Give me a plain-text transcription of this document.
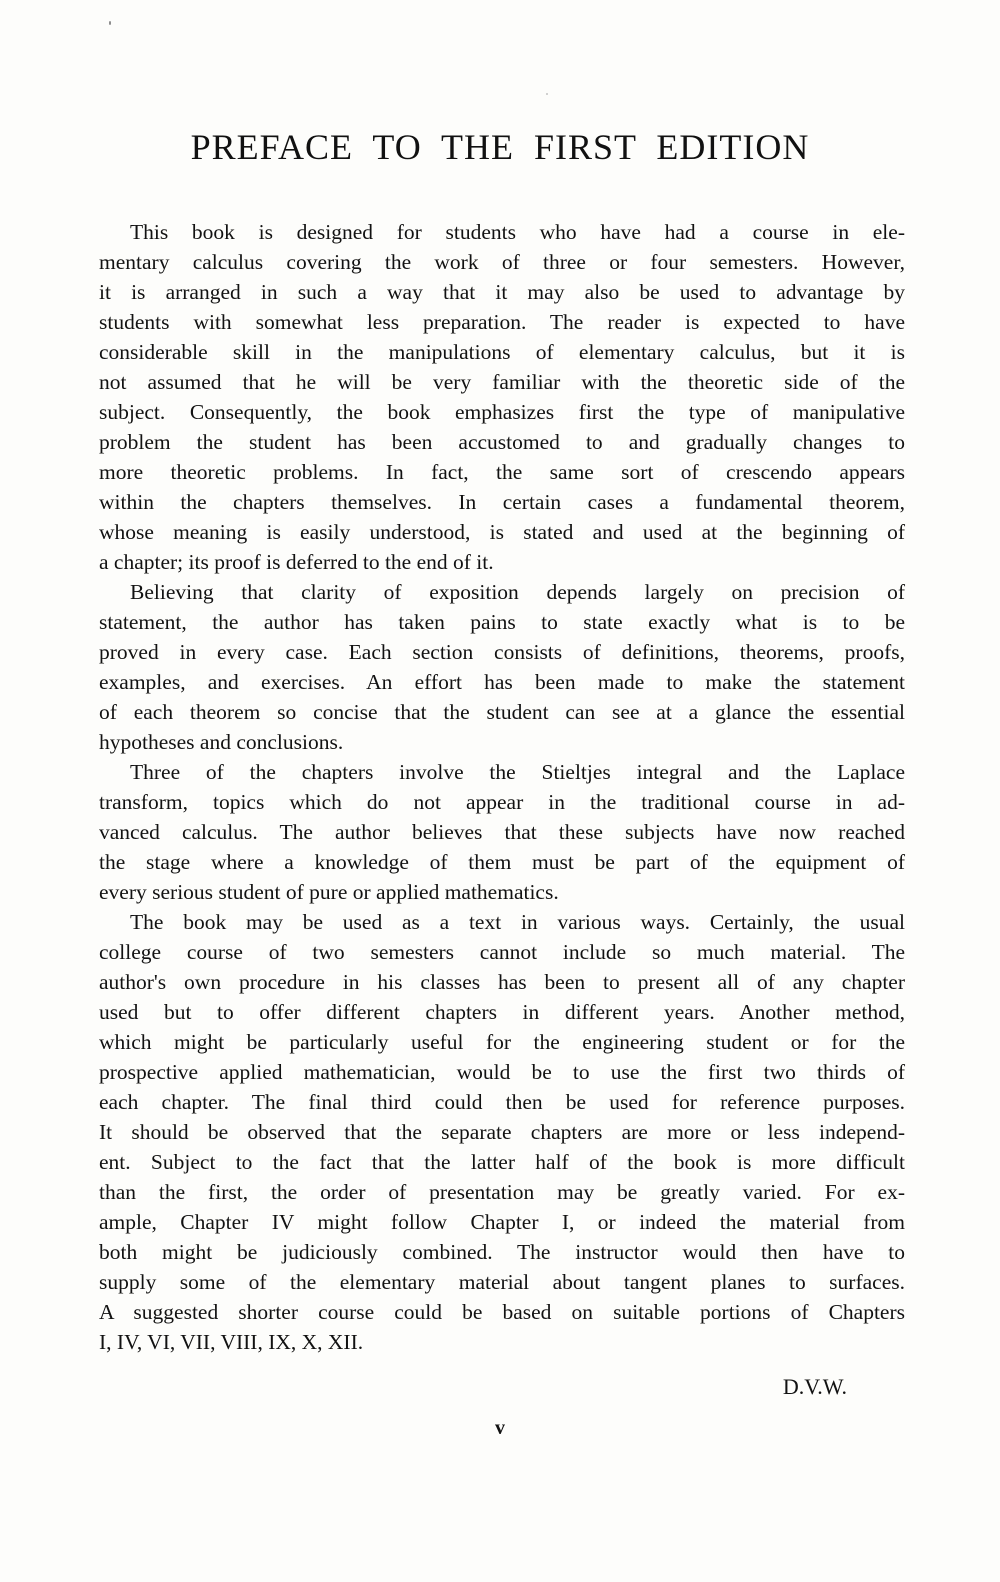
PREFACE TO THE FIRST EDITION
This book is designed for students who have had a course in ele-
mentary calculus covering the work of three or four semesters. However,
it is arranged in such a way that it may also be used to advantage by
students with somewhat less preparation. The reader is expected to have
considerable skill in the manipulations of elementary calculus, but it is
not assumed that he will be very familiar with the theoretic side of the
subject. Consequently, the book emphasizes first the type of manipulative
problem the student has been accustomed to and gradually changes to
more theoretic problems. In fact, the same sort of crescendo appears
within the chapters themselves. In certain cases a fundamental theorem,
whose meaning is easily understood, is stated and used at the beginning of
a chapter; its proof is deferred to the end of it.
Believing that clarity of exposition depends largely on precision of
statement, the author has taken pains to state exactly what is to be
proved in every case. Each section consists of definitions, theorems, proofs,
examples, and exercises. An effort has been made to make the statement
of each theorem so concise that the student can see at a glance the essential
hypotheses and conclusions.
Three of the chapters involve the Stieltjes integral and the Laplace
transform, topics which do not appear in the traditional course in ad-
vanced calculus. The author believes that these subjects have now reached
the stage where a knowledge of them must be part of the equipment of
every serious student of pure or applied mathematics.
The book may be used as a text in various ways. Certainly, the usual
college course of two semesters cannot include so much material. The
author's own procedure in his classes has been to present all of any chapter
used but to offer different chapters in different years. Another method,
which might be particularly useful for the engineering student or for the
prospective applied mathematician, would be to use the first two thirds of
each chapter. The final third could then be used for reference purposes.
It should be observed that the separate chapters are more or less independ-
ent. Subject to the fact that the latter half of the book is more difficult
than the first, the order of presentation may be greatly varied. For ex-
ample, Chapter IV might follow Chapter I, or indeed the material from
both might be judiciously combined. The instructor would then have to
supply some of the elementary material about tangent planes to surfaces.
A suggested shorter course could be based on suitable portions of Chapters
I, IV, VI, VII, VIII, IX, X, XII.
D.V.W.
v
